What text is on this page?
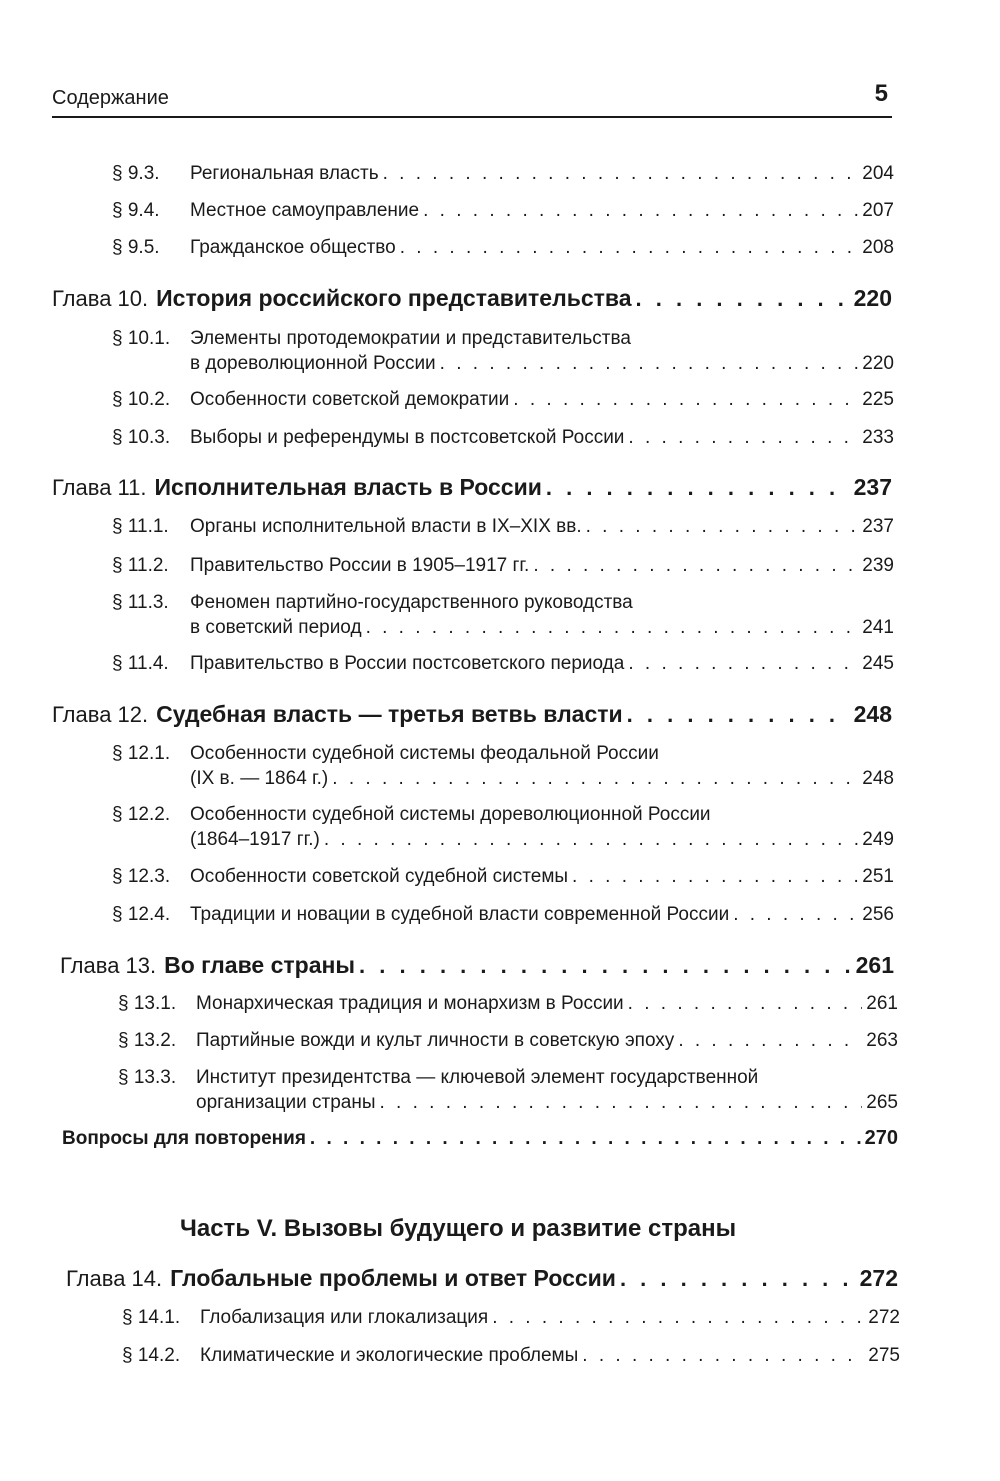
Содержание	5
§ 9.3.	Региональная власть . . .	204
§ 9.4.	Местное самоуправление . . .	207
§ 9.5.	Гражданское общество . . .	208
Глава 10. История российского представительства . . .	220
§ 10.1.	Элементы протодемократии и представительства
в дореволюционной России . . .	220
§ 10.2.	Особенности советской демократии . . .	225
§ 10.3.	Выборы и референдумы в постсоветской России . . .	233
Глава 11. Исполнительная власть в России . . .	237
§ 11.1.	Органы исполнительной власти в IX–XIX вв. . . .	237
§ 11.2.	Правительство России в 1905–1917 гг. . . .	239
§ 11.3.	Феномен партийно-государственного руководства
в советский период . . .	241
§ 11.4.	Правительство в России постсоветского периода . . .	245
Глава 12. Судебная власть — третья ветвь власти . . .	248
§ 12.1.	Особенности судебной системы феодальной России
(IX в. — 1864 г.) . . .	248
§ 12.2.	Особенности судебной системы дореволюционной России
(1864–1917 гг.) . . .	249
§ 12.3.	Особенности советской судебной системы . . .	251
§ 12.4.	Традиции и новации в судебной власти современной России . . .	256
Глава 13. Во главе страны . . .	261
§ 13.1.	Монархическая традиция и монархизм в России . . .	261
§ 13.2.	Партийные вожди и культ личности в советскую эпоху . . .	263
§ 13.3.	Институт президентства — ключевой элемент государственной
организации страны . . .	265
Вопросы для повторения . . .	270
Часть V. Вызовы будущего и развитие страны
Глава 14. Глобальные проблемы и ответ России . . .	272
§ 14.1.	Глобализация или глокализация . . .	272
§ 14.2.	Климатические и экологические проблемы . . .	275
